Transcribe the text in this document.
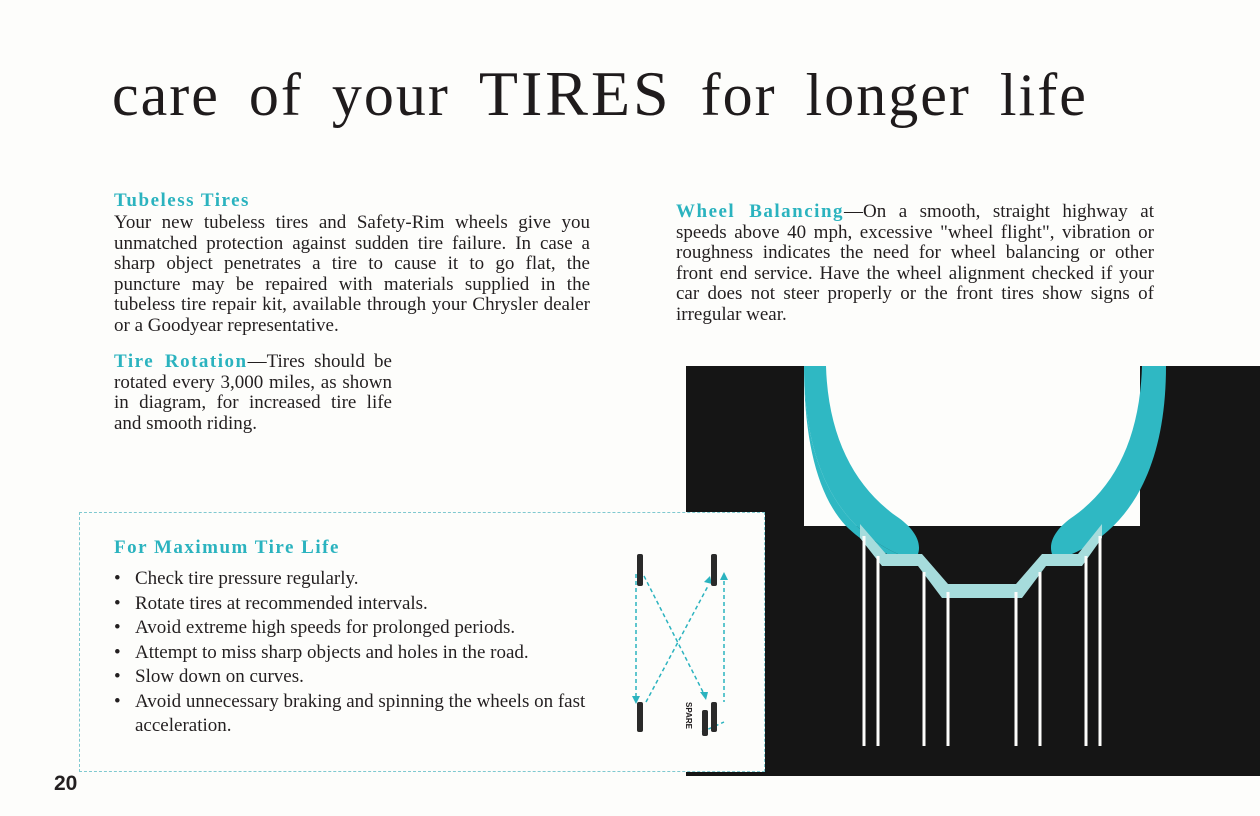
care of your TIRES for longer life
Tubeless Tires
Your new tubeless tires and Safety-Rim wheels give you unmatched protection against sudden tire failure. In case a sharp object penetrates a tire to cause it to go flat, the puncture may be repaired with materials supplied in the tubeless tire repair kit, available through your Chrysler dealer or a Goodyear representative.
Tire Rotation—Tires should be rotated every 3,000 miles, as shown in diagram, for increased tire life and smooth riding.
Wheel Balancing—On a smooth, straight highway at speeds above 40 mph, excessive "wheel flight", vibration or roughness indicates the need for wheel balancing or other front end service. Have the wheel alignment checked if your car does not steer properly or the front tires show signs of irregular wear.
For Maximum Tire Life
• Check tire pressure regularly.
• Rotate tires at recommended intervals.
• Avoid extreme high speeds for prolonged periods.
• Attempt to miss sharp objects and holes in the road.
• Slow down on curves.
• Avoid unnecessary braking and spinning the wheels on fast acceleration.	SPARE
20
